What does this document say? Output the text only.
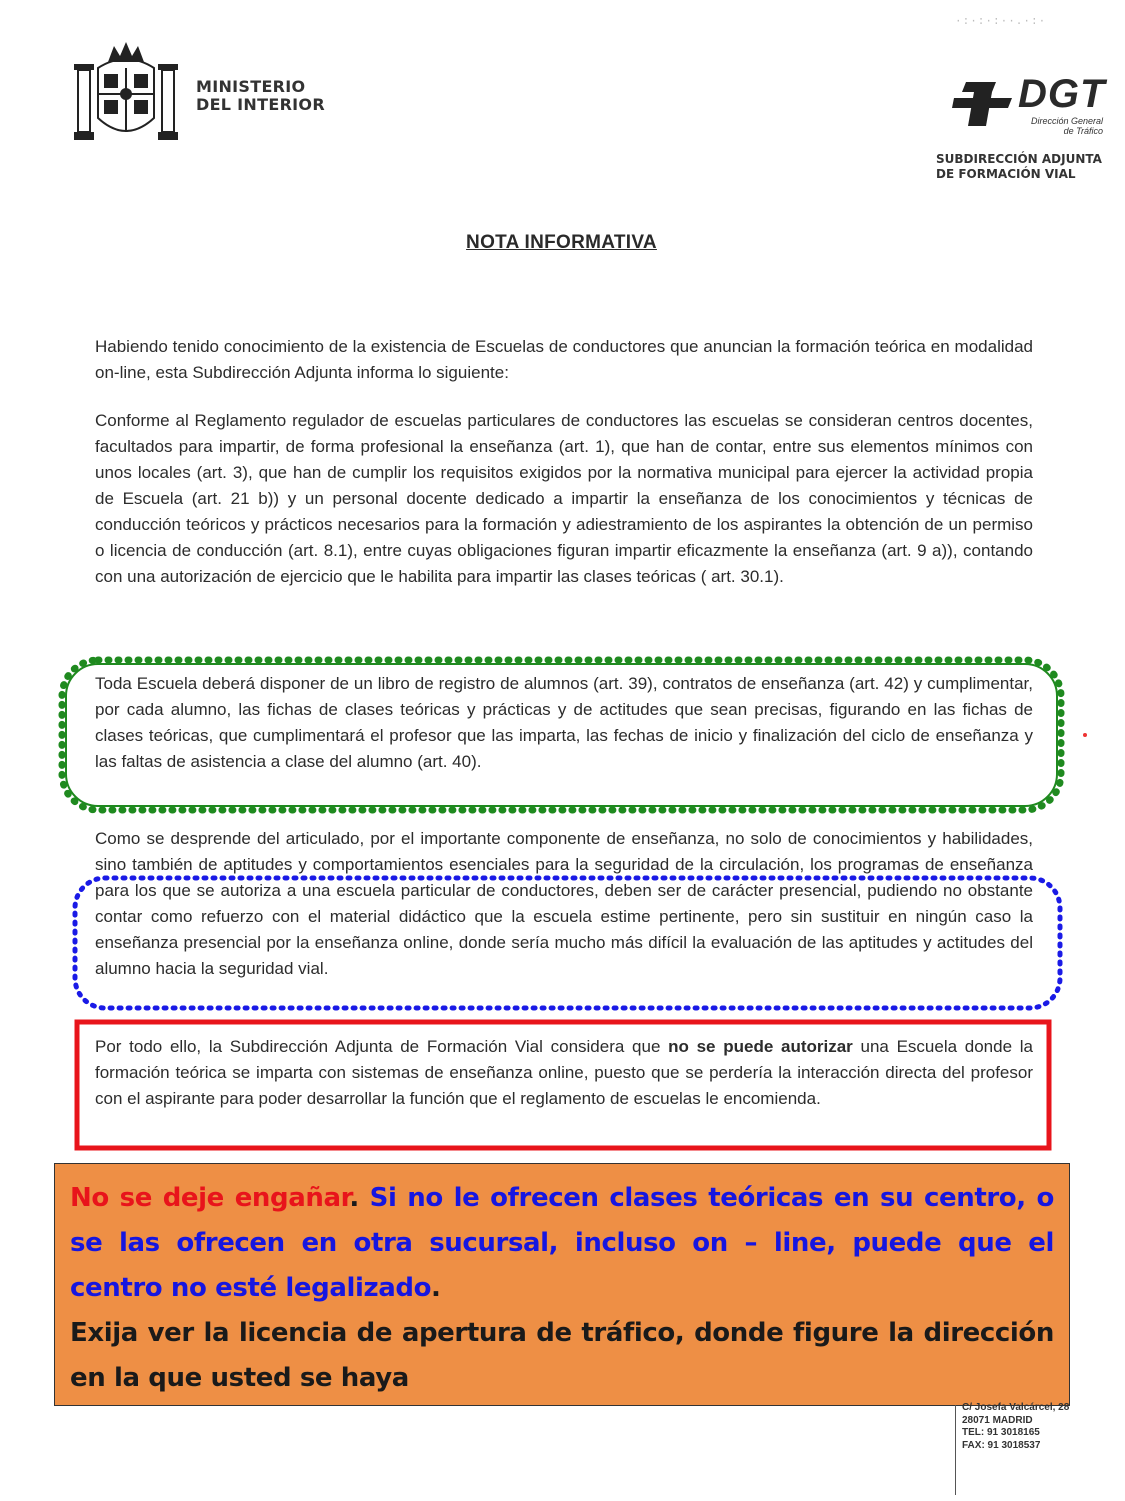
MINISTERIO
DEL INTERIOR
·:·:·:··.·:·
DGT
Dirección General
de Tráfico
SUBDIRECCIÓN ADJUNTA
DE FORMACIÓN VIAL
NOTA INFORMATIVA

Habiendo tenido conocimiento de la existencia de Escuelas de conductores que anuncian la formación teórica en modalidad on-line, esta Subdirección Adjunta informa lo siguiente:

Conforme al Reglamento regulador de escuelas particulares de conductores las escuelas se consideran centros docentes, facultados para impartir, de forma profesional la enseñanza (art. 1), que han de contar, entre sus elementos mínimos con unos locales (art. 3), que han de cumplir los requisitos exigidos por la normativa municipal para ejercer la actividad propia de Escuela (art. 21 b)) y un personal docente dedicado a impartir la enseñanza de los conocimientos y técnicas de conducción teóricos y prácticos necesarios para la formación y adiestramiento de los aspirantes la obtención de un permiso o licencia de conducción (art. 8.1), entre cuyas obligaciones figuran impartir eficazmente la enseñanza (art. 9 a)), contando con una autorización de ejercicio que le habilita para impartir las clases teóricas ( art. 30.1).

Toda Escuela deberá disponer de un libro de registro de alumnos (art. 39), contratos de enseñanza (art. 42) y cumplimentar, por cada alumno, las fichas de clases teóricas y prácticas y de actitudes que sean precisas, figurando en las fichas de clases teóricas, que cumplimentará el profesor que las imparta, las fechas de inicio y finalización del ciclo de enseñanza y las faltas de asistencia a clase del alumno (art. 40).

Como se desprende del articulado, por el importante componente de enseñanza, no solo de conocimientos y habilidades, sino también de aptitudes y comportamientos esenciales para la seguridad de la circulación, los programas de enseñanza para los que se autoriza a una escuela particular de conductores, deben ser de carácter presencial, pudiendo no obstante contar como refuerzo con el material didáctico que la escuela estime pertinente, pero sin sustituir en ningún caso la enseñanza presencial por la enseñanza online, donde sería mucho más difícil la evaluación de las aptitudes y actitudes del alumno hacia la seguridad vial.

Por todo ello, la Subdirección Adjunta de Formación Vial considera que no se puede autorizar una Escuela donde la formación teórica se imparta con sistemas de enseñanza online, puesto que se perdería la interacción directa del profesor con el aspirante para poder desarrollar la función que el reglamento de escuelas le encomienda.

No se deje engañar. Si no le ofrecen clases teóricas en su centro, o se las ofrecen en otra sucursal, incluso on – line, puede que el centro no esté legalizado.

Exija ver la licencia de apertura de tráfico, donde figure la dirección en la que usted se haya

C/ Josefa Valcárcel, 28
28071 MADRID
TEL: 91 3018165
FAX: 91 3018537
